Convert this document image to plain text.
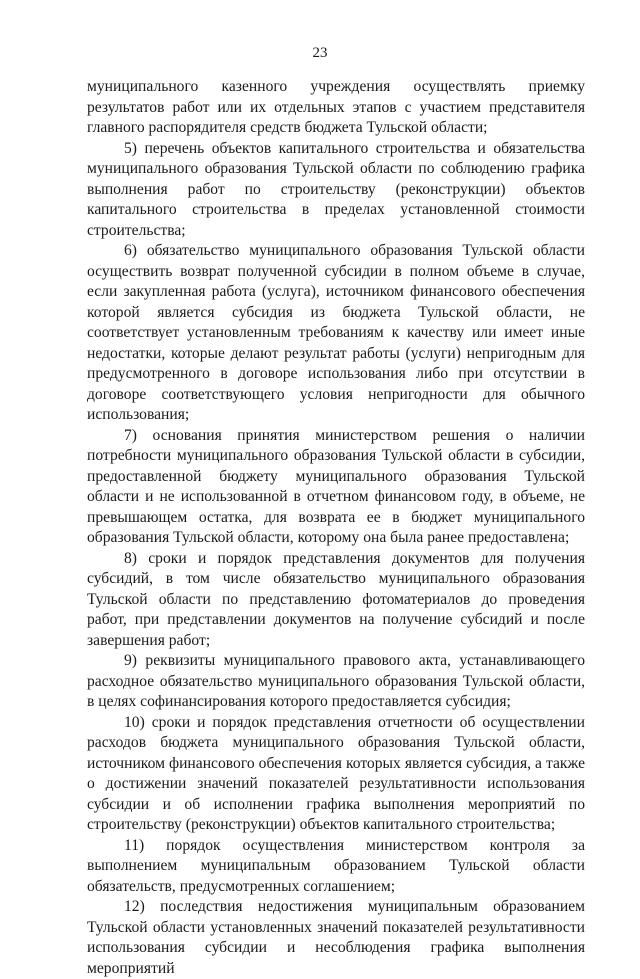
23

муниципального казенного учреждения осуществлять приемку результатов работ или их отдельных этапов с участием представителя главного распорядителя средств бюджета Тульской области;

5) перечень объектов капитального строительства и обязательства муниципального образования Тульской области по соблюдению графика выполнения работ по строительству (реконструкции) объектов капитального строительства в пределах установленной стоимости строительства;

6) обязательство муниципального образования Тульской области осуществить возврат полученной субсидии в полном объеме в случае, если закупленная работа (услуга), источником финансового обеспечения которой является субсидия из бюджета Тульской области, не соответствует установленным требованиям к качеству или имеет иные недостатки, которые делают результат работы (услуги) непригодным для предусмотренного в договоре использования либо при отсутствии в договоре соответствующего условия непригодности для обычного использования;

7) основания принятия министерством решения о наличии потребности муниципального образования Тульской области в субсидии, предоставленной бюджету муниципального образования Тульской области и не использованной в отчетном финансовом году, в объеме, не превышающем остатка, для возврата ее в бюджет муниципального образования Тульской области, которому она была ранее предоставлена;

8) сроки и порядок представления документов для получения субсидий, в том числе обязательство муниципального образования Тульской области по представлению фотоматериалов до проведения работ, при представлении документов на получение субсидий и после завершения работ;

9) реквизиты муниципального правового акта, устанавливающего расходное обязательство муниципального образования Тульской области, в целях софинансирования которого предоставляется субсидия;

10) сроки и порядок представления отчетности об осуществлении расходов бюджета муниципального образования Тульской области, источником финансового обеспечения которых является субсидия, а также о достижении значений показателей результативности использования субсидии и об исполнении графика выполнения мероприятий по строительству (реконструкции) объектов капитального строительства;

11) порядок осуществления министерством контроля за выполнением муниципальным образованием Тульской области обязательств, предусмотренных соглашением;

12) последствия недостижения муниципальным образованием Тульской области установленных значений показателей результативности использования субсидии и несоблюдения графика выполнения мероприятий
